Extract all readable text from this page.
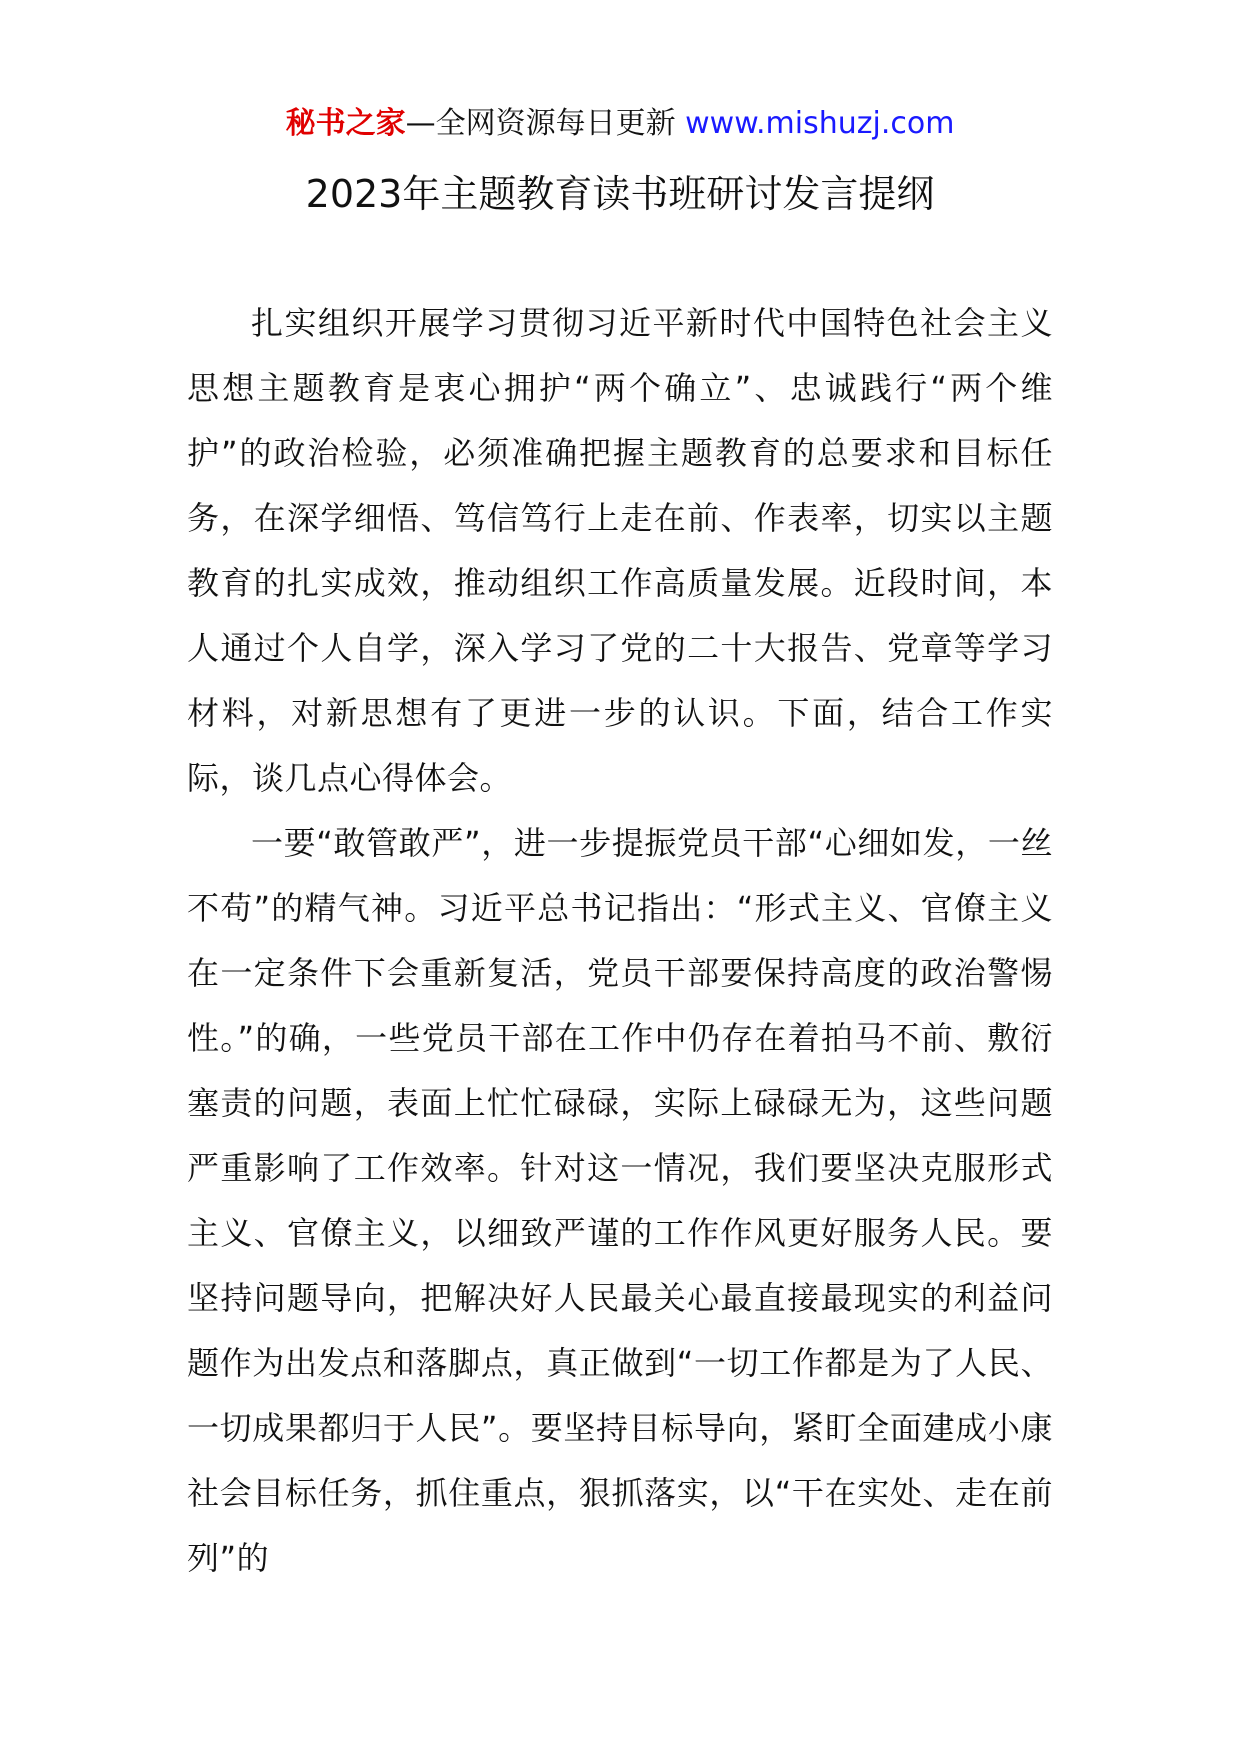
秘书之家—全网资源每日更新 www.mishuzj.com
2023年主题教育读书班研讨发言提纲

扎实组织开展学习贯彻习近平新时代中国特色社会主义思想主题教育是衷心拥护“两个确立”、忠诚践行“两个维护”的政治检验，必须准确把握主题教育的总要求和目标任务，在深学细悟、笃信笃行上走在前、作表率，切实以主题教育的扎实成效，推动组织工作高质量发展。近段时间，本人通过个人自学，深入学习了党的二十大报告、党章等学习材料，对新思想有了更进一步的认识。下面，结合工作实际，谈几点心得体会。

一要“敢管敢严”，进一步提振党员干部“心细如发，一丝不苟”的精气神。习近平总书记指出：“形式主义、官僚主义在一定条件下会重新复活，党员干部要保持高度的政治警惕性。”的确，一些党员干部在工作中仍存在着拍马不前、敷衍塞责的问题，表面上忙忙碌碌，实际上碌碌无为，这些问题严重影响了工作效率。针对这一情况，我们要坚决克服形式主义、官僚主义，以细致严谨的工作作风更好服务人民。要坚持问题导向，把解决好人民最关心最直接最现实的利益问题作为出发点和落脚点，真正做到“一切工作都是为了人民、一切成果都归于人民”。要坚持目标导向，紧盯全面建成小康社会目标任务，抓住重点，狠抓落实，以“干在实处、走在前列”的
